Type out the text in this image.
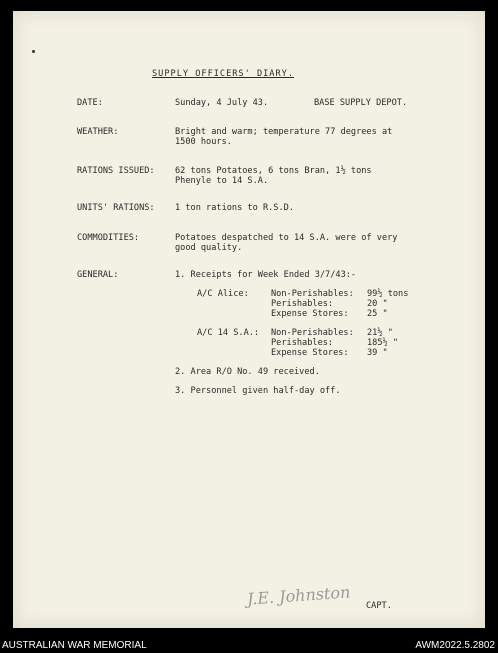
SUPPLY OFFICERS' DIARY.
DATE:	Sunday, 4 July 43.	BASE SUPPLY DEPOT.
WEATHER:	Bright and warm; temperature 77 degrees at
1500 hours.
RATIONS ISSUED: 62 tons Potatoes, 6 tons Bran, 1½ tons
Phenyle to 14 S.A.
UNITS' RATIONS: 1 ton rations to R.S.D.
COMMODITIES:	Potatoes despatched to 14 S.A. were of very
good quality.
GENERAL:	1. Receipts for Week Ended 3/7/43:-
A/C Alice:	Non-Perishables: 99½ tons
Perishables:	20 "
Expense Stores: 25 "
A/C 14 S.A.: Non-Perishables: 21½ "
Perishables:	185½ "
Expense Stores: 39 "
2. Area R/O No. 49 received.
3. Personnel given half-day off.
J.E. Johnston CAPT.
AUSTRALIAN WAR MEMORIAL	AWM2022.5.2802
